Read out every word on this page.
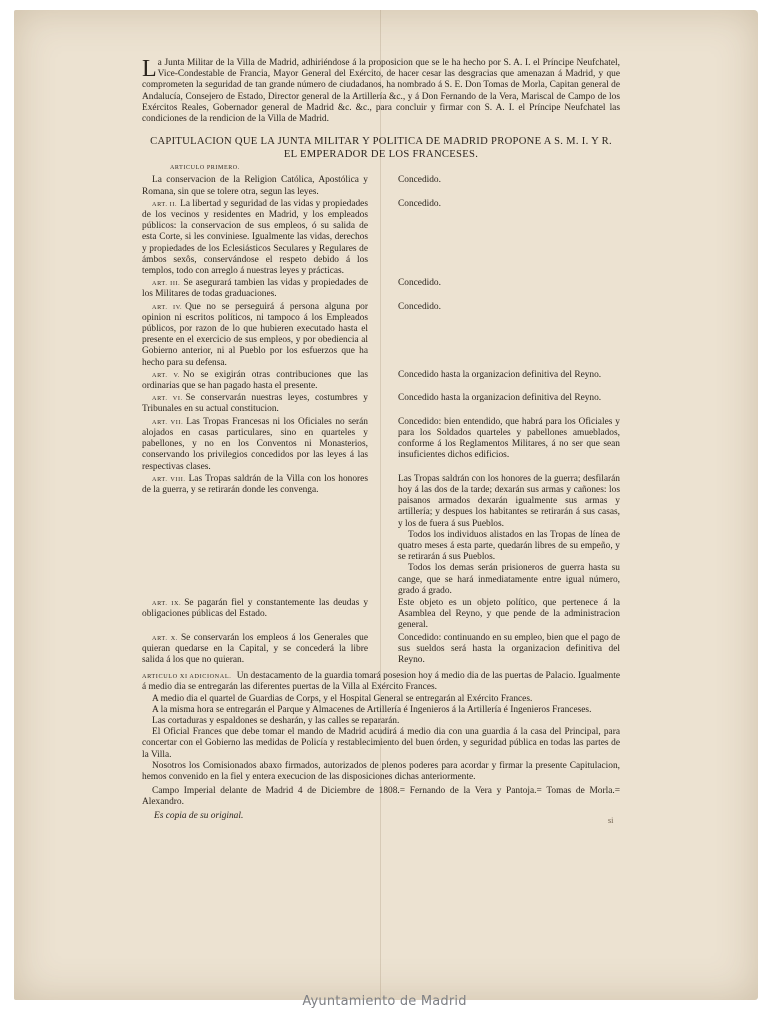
La Junta Militar de la Villa de Madrid, adhiriéndose á la proposicion que se le ha hecho por S. A. I. el Príncipe Neufchatel, Vice-Condestable de Francia, Mayor General del Exército, de hacer cesar las desgracias que amenazan á Madrid, y que comprometen la seguridad de tan grande número de ciudadanos, ha nombrado á S. E. Don Tomas de Morla, Capitan general de Andalucía, Consejero de Estado, Director general de la Artillería &c., y á Don Fernando de la Vera, Mariscal de Campo de los Exércitos Reales, Gobernador general de Madrid &c. &c., para concluir y firmar con S. A. I. el Príncipe Neufchatel las condiciones de la rendicion de la Villa de Madrid.

CAPITULACION QUE LA JUNTA MILITAR Y POLITICA DE MADRID PROPONE A S. M. I. Y R.
EL EMPERADOR DE LOS FRANCESES.
ARTICULO PRIMERO.
La conservacion de la Religion Católica, Apostólica y Romana, sin que se tolere otra, segun las leyes.
Concedido.
ART. II. La libertad y seguridad de las vidas y propiedades de los vecinos y residentes en Madrid, y los empleados públicos: la conservacion de sus empleos, ó su salida de esta Corte, si les conviniese. Igualmente las vidas, derechos y propiedades de los Eclesiásticos Seculares y Regulares de ámbos sexôs, conservándose el respeto debido á los templos, todo con arreglo á nuestras leyes y prácticas.
Concedido.
ART. III. Se asegurará tambien las vidas y propiedades de los Militares de todas graduaciones.
Concedido.
ART. IV. Que no se perseguirá á persona alguna por opinion ni escritos políticos, ni tampoco á los Empleados públicos, por razon de lo que hubieren executado hasta el presente en el exercicio de sus empleos, y por obediencia al Gobierno anterior, ni al Pueblo por los esfuerzos que ha hecho para su defensa.
Concedido.
ART. V. No se exigirán otras contribuciones que las ordinarias que se han pagado hasta el presente.
Concedido hasta la organizacion definitiva del Reyno.
ART. VI. Se conservarán nuestras leyes, costumbres y Tribunales en su actual constitucion.
Concedido hasta la organizacion definitiva del Reyno.
ART. VII. Las Tropas Francesas ni los Oficiales no serán alojados en casas particulares, sino en quarteles y pabellones, y no en los Conventos ni Monasterios, conservando los privilegios concedidos por las leyes á las respectivas clases.
Concedido: bien entendido, que habrá para los Oficiales y para los Soldados quarteles y pabellones amueblados, conforme á los Reglamentos Militares, á no ser que sean insuficientes dichos edificios.
ART. VIII. Las Tropas saldrán de la Villa con los honores de la guerra, y se retirarán donde les convenga.
Las Tropas saldrán con los honores de la guerra; desfilarán hoy á las dos de la tarde; dexarán sus armas y cañones: los paisanos armados dexarán igualmente sus armas y artillería; y despues los habitantes se retirarán á sus casas, y los de fuera á sus Pueblos.
Todos los individuos alistados en las Tropas de línea de quatro meses á esta parte, quedarán libres de su empeño, y se retirarán á sus Pueblos.
Todos los demas serán prisioneros de guerra hasta su cange, que se hará inmediatamente entre igual número, grado á grado.
ART. IX. Se pagarán fiel y constantemente las deudas y obligaciones públicas del Estado.
Este objeto es un objeto político, que pertenece á la Asamblea del Reyno, y que pende de la administracion general.
ART. X. Se conservarán los empleos á los Generales que quieran quedarse en la Capital, y se concederá la libre salida á los que no quieran.
Concedido: continuando en su empleo, bien que el pago de sus sueldos será hasta la organizacion definitiva del Reyno.

ARTICULO XI ADICIONAL. Un destacamento de la guardia tomará posesion hoy á medio dia de las puertas de Palacio. Igualmente á medio dia se entregarán las diferentes puertas de la Villa al Exército Frances.

A medio dia el quartel de Guardias de Corps, y el Hospital General se entregarán al Exército Frances.

A la misma hora se entregarán el Parque y Almacenes de Artillería é Ingenieros á la Artillería é Ingenieros Franceses.

Las cortaduras y espaldones se desharán, y las calles se repararán.

El Oficial Frances que debe tomar el mando de Madrid acudirá á medio dia con una guardia á la casa del Principal, para concertar con el Gobierno las medidas de Policía y restablecimiento del buen órden, y seguridad pública en todas las partes de la Villa.

Nosotros los Comisionados abaxo firmados, autorizados de plenos poderes para acordar y firmar la presente Capitulacion, hemos convenido en la fiel y entera execucion de las disposiciones dichas anteriormente.

Campo Imperial delante de Madrid 4 de Diciembre de 1808.= Fernando de la Vera y Pantoja.= Tomas de Morla.= Alexandro.

Es copia de su original.	si
Ayuntamiento de Madrid
